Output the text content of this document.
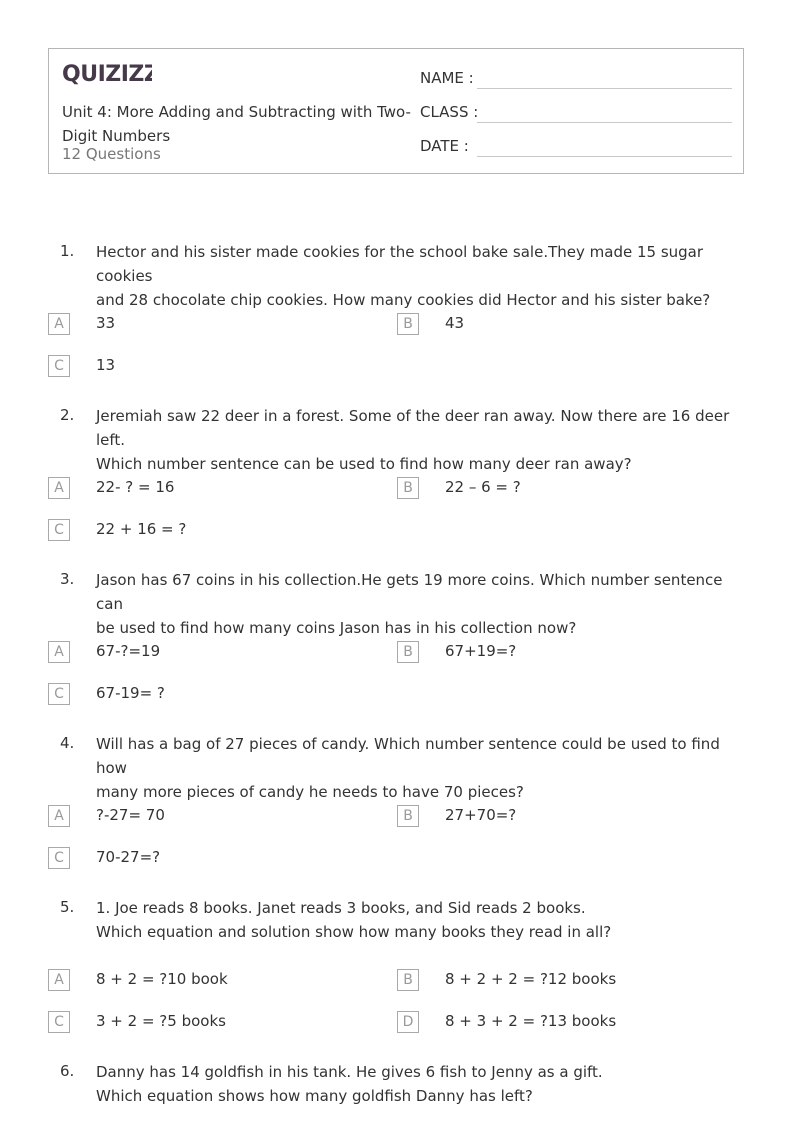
QUIZIZZ
Unit 4: More Adding and Subtracting with Two-Digit Numbers
12 Questions
NAME :
CLASS :
DATE :
1. Hector and his sister made cookies for the school bake sale.They made 15 sugar cookies
and 28 chocolate chip cookies. How many cookies did Hector and his sister bake?
A	33	B	43
C	13
2. Jeremiah saw 22 deer in a forest. Some of the deer ran away. Now there are 16 deer left.
Which number sentence can be used to find how many deer ran away?
A	22- ? = 16	B	22 – 6 = ?
C	22 + 16 = ?
3. Jason has 67 coins in his collection.He gets 19 more coins. Which number sentence can
be used to find how many coins Jason has in his collection now?
A	67-?=19	B	67+19=?
C	67-19= ?
4. Will has a bag of 27 pieces of candy. Which number sentence could be used to find how
many more pieces of candy he needs to have 70 pieces?
A	?-27= 70	B	27+70=?
C	70-27=?
5. 1. Joe reads 8 books. Janet reads 3 books, and Sid reads 2 books.
Which equation and solution show how many books they read in all?
A	8 + 2 = ?10 book	B	8 + 2 + 2 = ?12 books
C	3 + 2 = ?5 books	D	8 + 3 + 2 = ?13 books
6. Danny has 14 goldfish in his tank. He gives 6 fish to Jenny as a gift.
Which equation shows how many goldfish Danny has left?
